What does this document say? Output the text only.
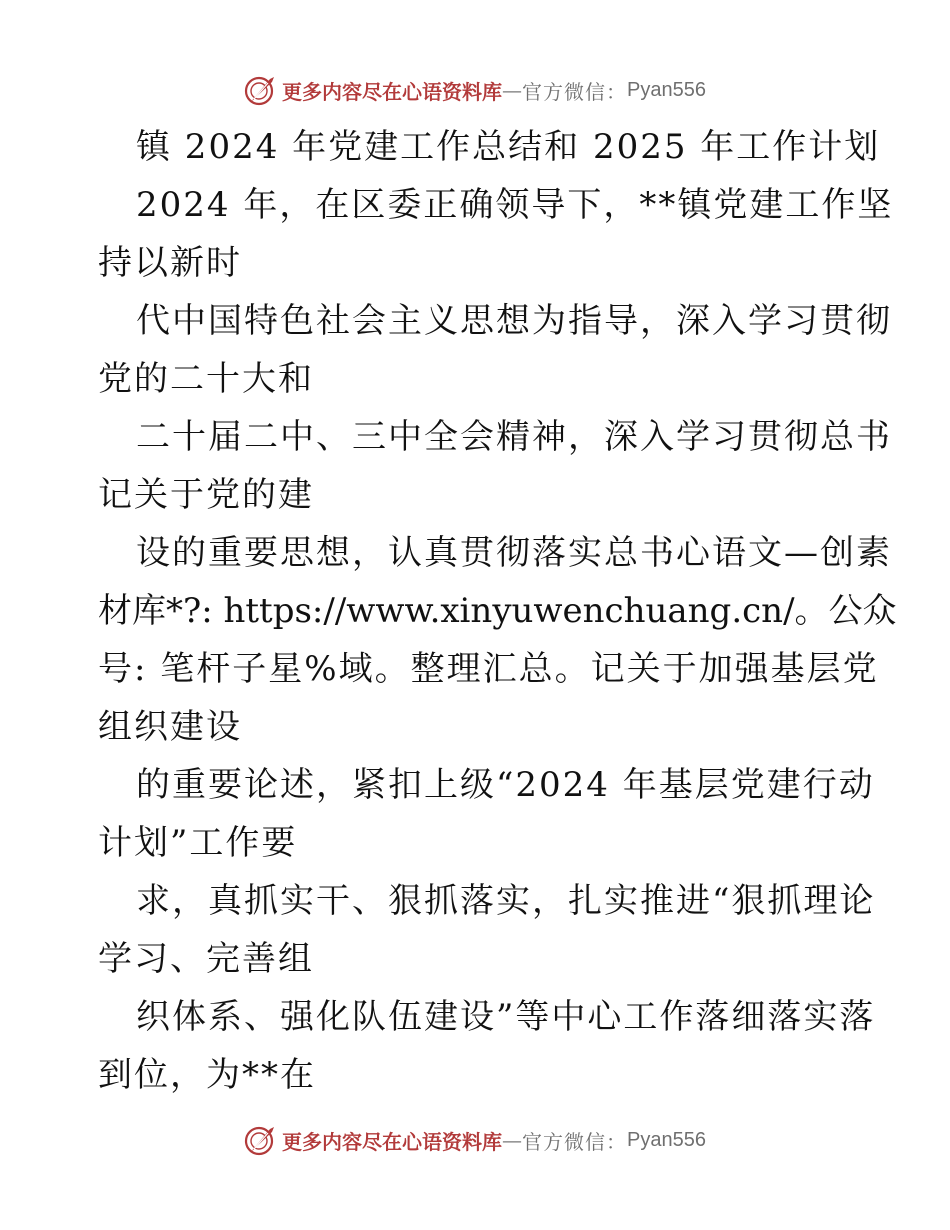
更多内容尽在心语资料库 — 官方微信： Pyan556
镇 2024 年党建工作总结和 2025 年工作计划
2024 年，在区委正确领导下，**镇党建工作坚
持以新时
代中国特色社会主义思想为指导，深入学习贯彻
党的二十大和
二十届二中、三中全会精神，深入学习贯彻总书
记关于党的建
设的重要思想，认真贯彻落实总书心语文—创素
材库*?: https://www.xinyuwenchuang.cn/。公众
号: 笔杆子星%域。整理汇总。记关于加强基层党
组织建设
的重要论述，紧扣上级“2024 年基层党建行动
计划”工作要
求，真抓实干、狠抓落实，扎实推进“狠抓理论
学习、完善组
织体系、强化队伍建设”等中心工作落细落实落
到位，为**在
更多内容尽在心语资料库 — 官方微信： Pyan556
